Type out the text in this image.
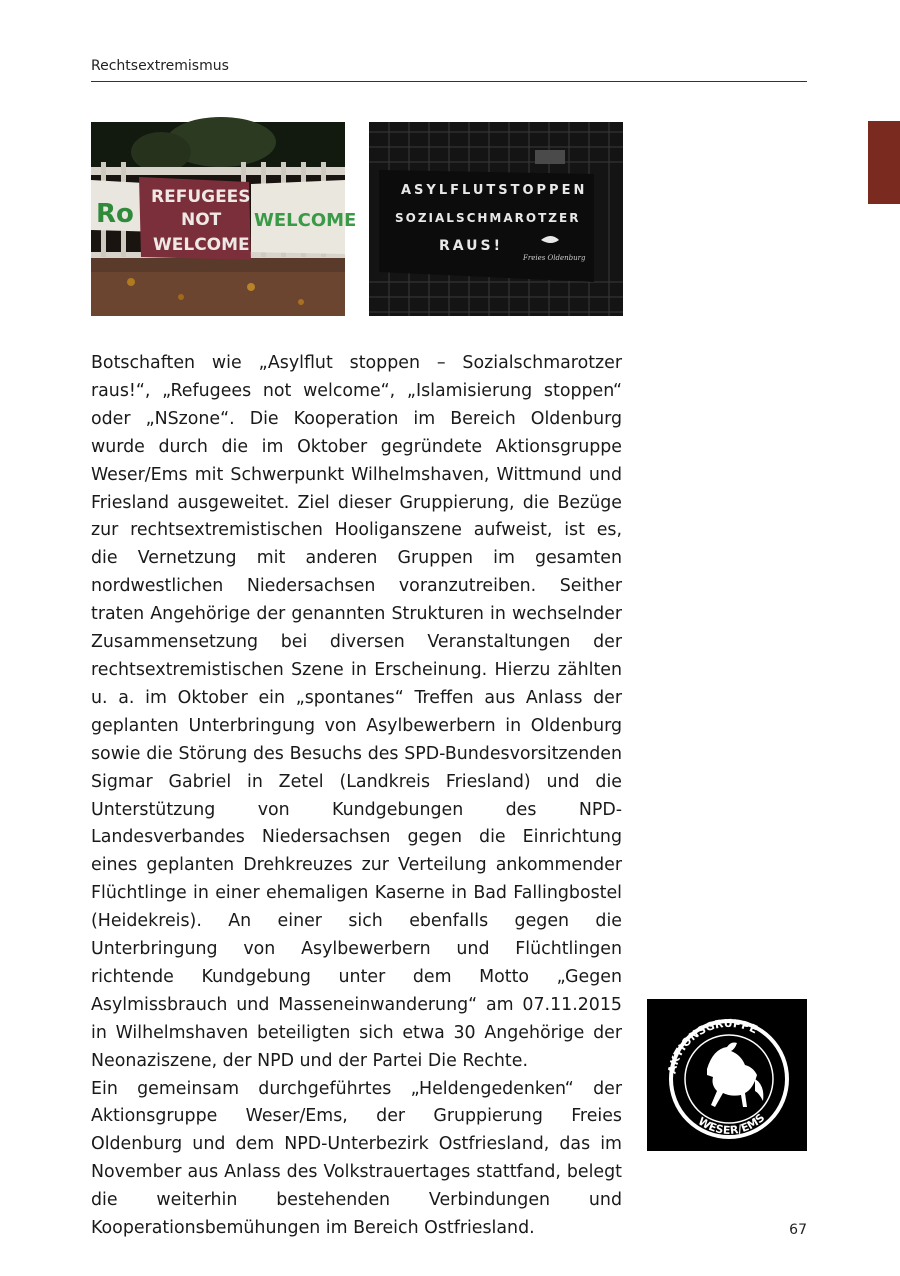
Rechtsextremismus
Ro
REFUGEES
NOT
WELCOME
WELCOME
ASYLFLUTSTOPPEN
SOZIALSCHMAROTZER
RAUS!
Freies Oldenburg

Botschaften wie „Asylflut stoppen – Sozialschmarotzer raus!“, „Refugees not welcome“, „Islamisierung stoppen“ oder „NSzone“. Die Kooperation im Bereich Oldenburg wurde durch die im Oktober gegründete Aktionsgruppe Weser/Ems mit Schwerpunkt Wilhelmshaven, Wittmund und Friesland ausgeweitet. Ziel dieser Gruppierung, die Bezüge zur rechtsextremistischen Hooliganszene aufweist, ist es, die Vernetzung mit anderen Gruppen im gesamten nordwestlichen Niedersachsen voranzutreiben. Seither traten Angehörige der genannten Strukturen in wechselnder Zusammensetzung bei diversen Veranstaltungen der rechtsextremistischen Szene in Erscheinung. Hierzu zählten u. a. im Oktober ein „spontanes“ Treffen aus Anlass der geplanten Unterbringung von Asylbewerbern in Oldenburg sowie die Störung des Besuchs des SPD-Bundesvorsitzenden Sigmar Gabriel in Zetel (Landkreis Friesland) und die Unterstützung von Kundgebungen des NPD-Landesverbandes Niedersachsen gegen die Einrichtung eines geplanten Drehkreuzes zur Verteilung ankommender Flüchtlinge in einer ehemaligen Kaserne in Bad Fallingbostel (Heidekreis). An einer sich ebenfalls gegen die Unterbringung von Asylbewerbern und Flüchtlingen richtende Kundgebung unter dem Motto „Gegen Asylmissbrauch und Masseneinwanderung“ am 07.11.2015 in Wilhelmshaven beteiligten sich etwa 30 Angehörige der Neonaziszene, der NPD und der Partei Die Rechte.

Ein gemeinsam durchgeführtes „Heldengedenken“ der Aktionsgruppe Weser/Ems, der Gruppierung Freies Oldenburg und dem NPD-Unterbezirk Ostfriesland, das im November aus Anlass des Volkstrauertages stattfand, belegt die weiterhin bestehenden Verbindungen und Kooperationsbemühungen im Bereich Ostfriesland.

AKTIONSGRUPPE
WESER/EMS
67
